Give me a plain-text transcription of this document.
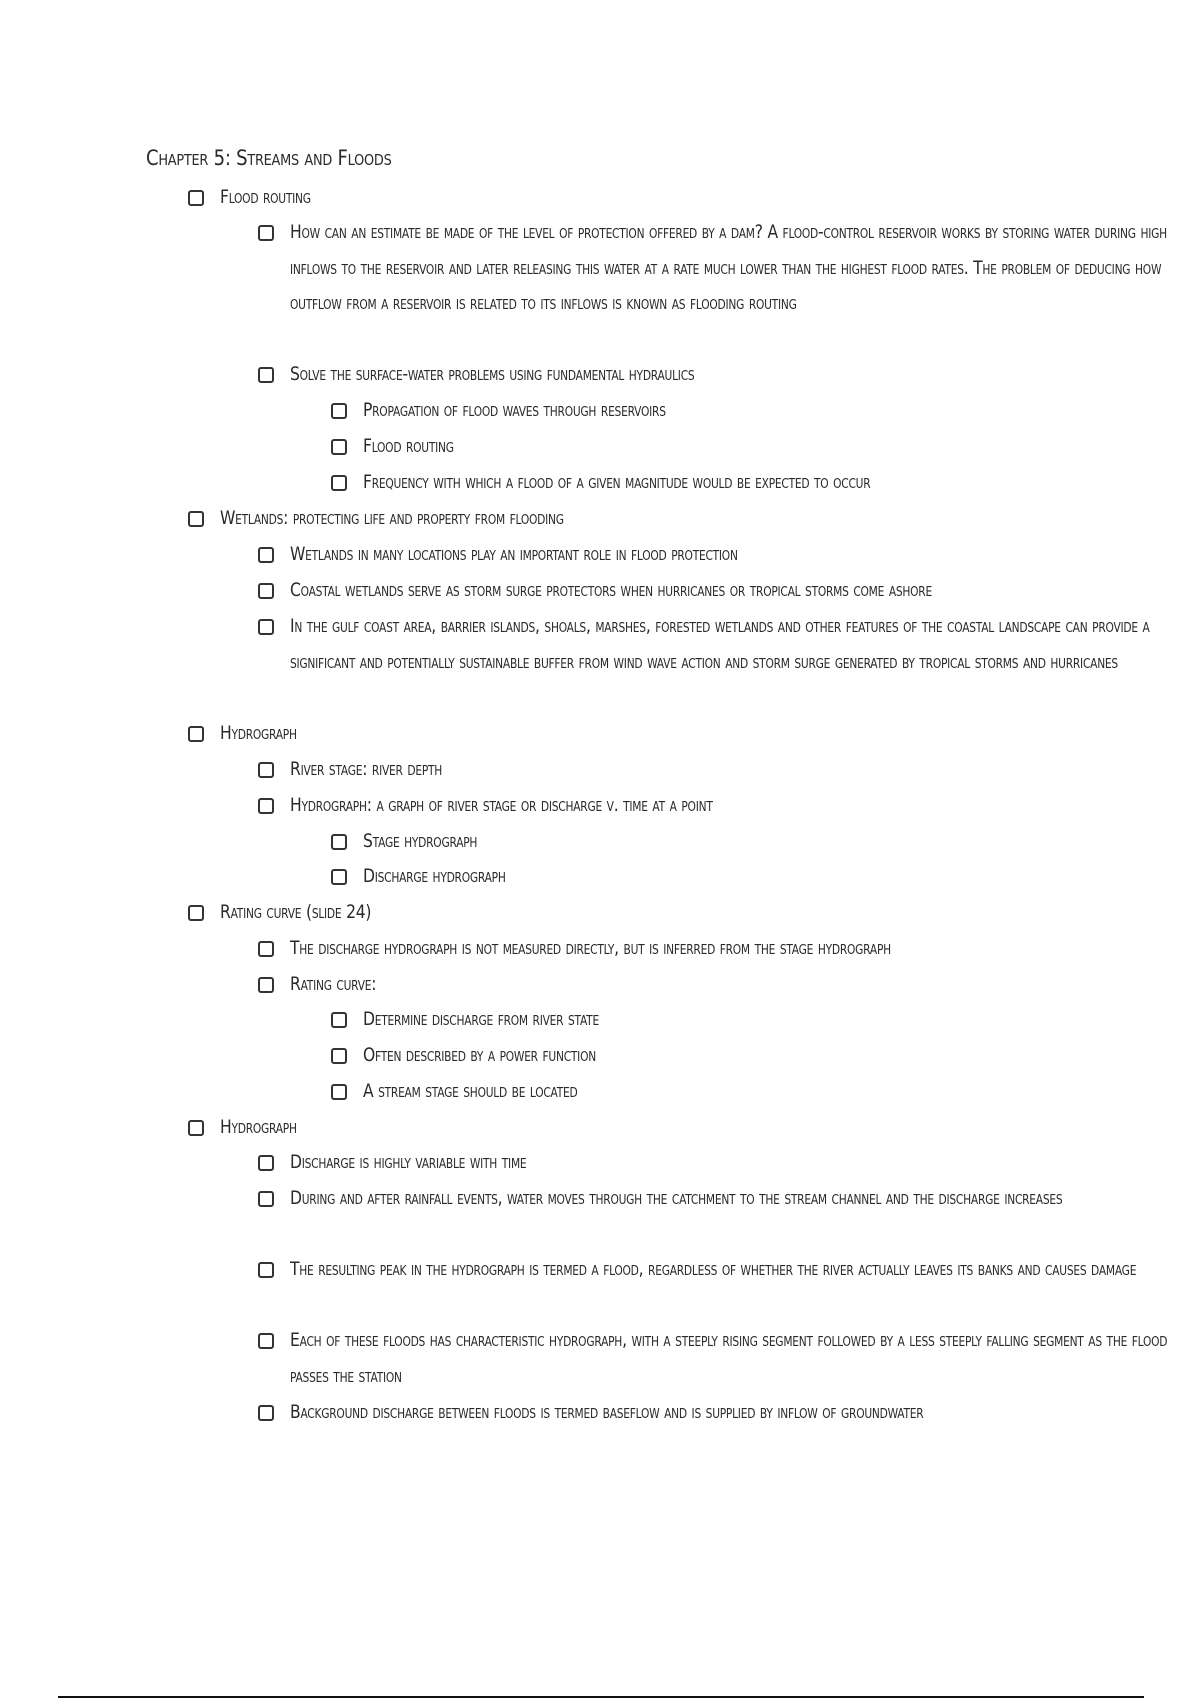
Chapter 5: Streams and Floods
Flood routing
How can an estimate be made of the level of protection offered by a dam? A flood-control reservoir works by storing water during high inflows to the reservoir and later releasing this water at a rate much lower than the highest flood rates. The problem of deducing how outflow from a reservoir is related to its inflows is known as flooding routing
Solve the surface-water problems using fundamental hydraulics
Propagation of flood waves through reservoirs
Flood routing
Frequency with which a flood of a given magnitude would be expected to occur
Wetlands: protecting life and property from flooding
Wetlands in many locations play an important role in flood protection
Coastal wetlands serve as storm surge protectors when hurricanes or tropical storms come ashore
In the gulf coast area, barrier islands, shoals, marshes, forested wetlands and other features of the coastal landscape can provide a significant and potentially sustainable buffer from wind wave action and storm surge generated by tropical storms and hurricanes
Hydrograph
River stage: river depth
Hydrograph: a graph of river stage or discharge v. time at a point
Stage hydrograph
Discharge hydrograph
Rating curve (slide 24)
The discharge hydrograph is not measured directly, but is inferred from the stage hydrograph
Rating curve:
Determine discharge from river state
Often described by a power function
A stream stage should be located
Hydrograph
Discharge is highly variable with time
During and after rainfall events, water moves through the catchment to the stream channel and the discharge increases
The resulting peak in the hydrograph is termed a flood, regardless of whether the river actually leaves its banks and causes damage
Each of these floods has characteristic hydrograph, with a steeply rising segment followed by a less steeply falling segment as the flood passes the station
Background discharge between floods is termed baseflow and is supplied by inflow of groundwater
